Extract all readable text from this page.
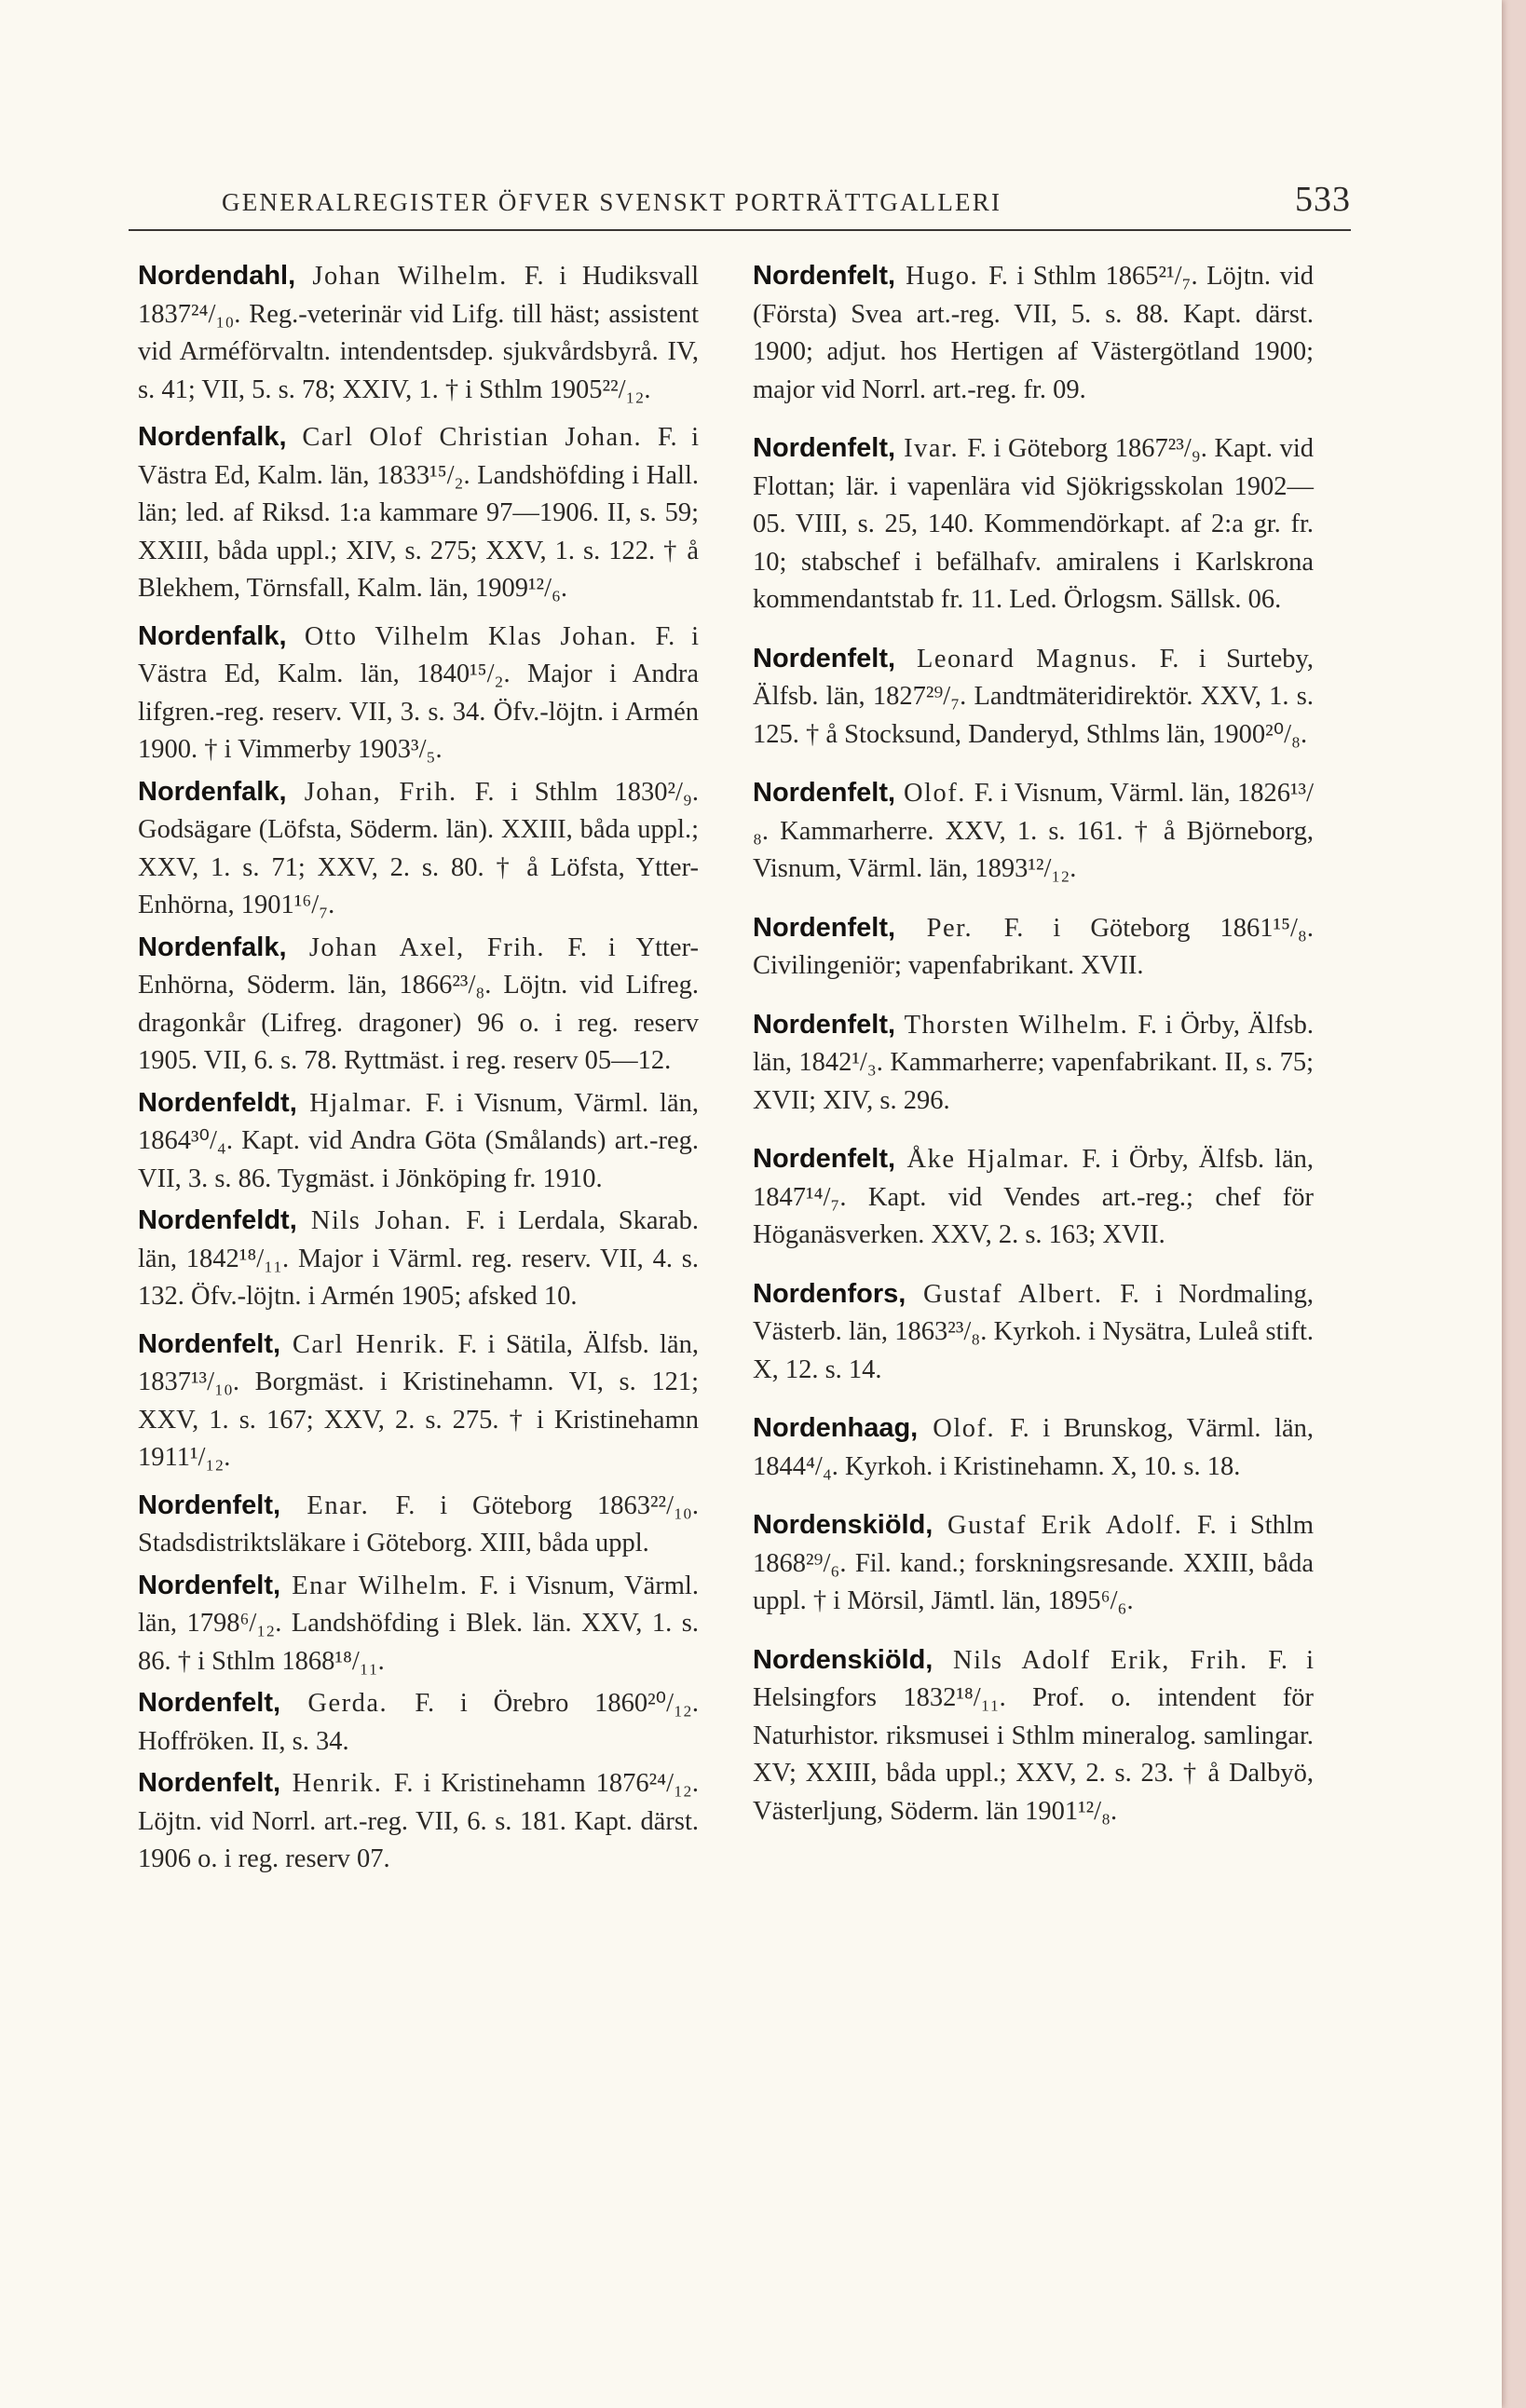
GENERALREGISTER ÖFVER SVENSKT PORTRÄTTGALLERI	533

Nordendahl, Johan Wilhelm. F. i Hudiksvall 1837²⁴/₁₀. Reg.-veterinär vid Lifg. till häst; assistent vid Arméförvaltn. intendentsdep. sjukvårdsbyrå. IV, s. 41; VII, 5. s. 78; XXIV, 1. † i Sthlm 1905²²/₁₂.

Nordenfalk, Carl Olof Christian Johan. F. i Västra Ed, Kalm. län, 1833¹⁵/₂. Landshöfding i Hall. län; led. af Riksd. 1:a kammare 97—1906. II, s. 59; XXIII, båda uppl.; XIV, s. 275; XXV, 1. s. 122. † å Blekhem, Törnsfall, Kalm. län, 1909¹²/₆.

Nordenfalk, Otto Vilhelm Klas Johan. F. i Västra Ed, Kalm. län, 1840¹⁵/₂. Major i Andra lifgren.-reg. reserv. VII, 3. s. 34. Öfv.-löjtn. i Armén 1900. † i Vimmerby 1903³/₅.

Nordenfalk, Johan, Frih. F. i Sthlm 1830²/₉. Godsägare (Löfsta, Söderm. län). XXIII, båda uppl.; XXV, 1. s. 71; XXV, 2. s. 80. † å Löfsta, Ytter-Enhörna, 1901¹⁶/₇.

Nordenfalk, Johan Axel, Frih. F. i Ytter-Enhörna, Söderm. län, 1866²³/₈. Löjtn. vid Lifreg. dragonkår (Lifreg. dragoner) 96 o. i reg. reserv 1905. VII, 6. s. 78. Ryttmäst. i reg. reserv 05—12.

Nordenfeldt, Hjalmar. F. i Visnum, Värml. län, 1864³⁰/₄. Kapt. vid Andra Göta (Smålands) art.-reg. VII, 3. s. 86. Tygmäst. i Jönköping fr. 1910.

Nordenfeldt, Nils Johan. F. i Lerdala, Skarab. län, 1842¹⁸/₁₁. Major i Värml. reg. reserv. VII, 4. s. 132. Öfv.-löjtn. i Armén 1905; afsked 10.

Nordenfelt, Carl Henrik. F. i Sätila, Älfsb. län, 1837¹³/₁₀. Borgmäst. i Kristinehamn. VI, s. 121; XXV, 1. s. 167; XXV, 2. s. 275. † i Kristinehamn 1911¹/₁₂.

Nordenfelt, Enar. F. i Göteborg 1863²²/₁₀. Stadsdistriktsläkare i Göteborg. XIII, båda uppl.

Nordenfelt, Enar Wilhelm. F. i Visnum, Värml. län, 1798⁶/₁₂. Landshöfding i Blek. län. XXV, 1. s. 86. † i Sthlm 1868¹⁸/₁₁.

Nordenfelt, Gerda. F. i Örebro 1860²⁰/₁₂. Hoffröken. II, s. 34.

Nordenfelt, Henrik. F. i Kristinehamn 1876²⁴/₁₂. Löjtn. vid Norrl. art.-reg. VII, 6. s. 181. Kapt. därst. 1906 o. i reg. reserv 07.

Nordenfelt, Hugo. F. i Sthlm 1865²¹/₇. Löjtn. vid (Första) Svea art.-reg. VII, 5. s. 88. Kapt. därst. 1900; adjut. hos Hertigen af Västergötland 1900; major vid Norrl. art.-reg. fr. 09.

Nordenfelt, Ivar. F. i Göteborg 1867²³/₉. Kapt. vid Flottan; lär. i vapenlära vid Sjökrigsskolan 1902—05. VIII, s. 25, 140. Kommendörkapt. af 2:a gr. fr. 10; stabschef i befälhafv. amiralens i Karlskrona kommendantstab fr. 11. Led. Örlogsm. Sällsk. 06.

Nordenfelt, Leonard Magnus. F. i Surteby, Älfsb. län, 1827²⁹/₇. Landtmäteridirektör. XXV, 1. s. 125. † å Stocksund, Danderyd, Sthlms län, 1900²⁰/₈.

Nordenfelt, Olof. F. i Visnum, Värml. län, 1826¹³/₈. Kammarherre. XXV, 1. s. 161. † å Björneborg, Visnum, Värml. län, 1893¹²/₁₂.

Nordenfelt, Per. F. i Göteborg 1861¹⁵/₈. Civilingeniör; vapenfabrikant. XVII.

Nordenfelt, Thorsten Wilhelm. F. i Örby, Älfsb. län, 1842¹/₃. Kammarherre; vapenfabrikant. II, s. 75; XVII; XIV, s. 296.

Nordenfelt, Åke Hjalmar. F. i Örby, Älfsb. län, 1847¹⁴/₇. Kapt. vid Vendes art.-reg.; chef för Höganäsverken. XXV, 2. s. 163; XVII.

Nordenfors, Gustaf Albert. F. i Nordmaling, Västerb. län, 1863²³/₈. Kyrkoh. i Nysätra, Luleå stift. X, 12. s. 14.

Nordenhaag, Olof. F. i Brunskog, Värml. län, 1844⁴/₄. Kyrkoh. i Kristinehamn. X, 10. s. 18.

Nordenskiöld, Gustaf Erik Adolf. F. i Sthlm 1868²⁹/₆. Fil. kand.; forskningsresande. XXIII, båda uppl. † i Mörsil, Jämtl. län, 1895⁶/₆.

Nordenskiöld, Nils Adolf Erik, Frih. F. i Helsingfors 1832¹⁸/₁₁. Prof. o. intendent för Naturhistor. riksmusei i Sthlm mineralog. samlingar. XV; XXIII, båda uppl.; XXV, 2. s. 23. † å Dalbyö, Västerljung, Söderm. län 1901¹²/₈.
